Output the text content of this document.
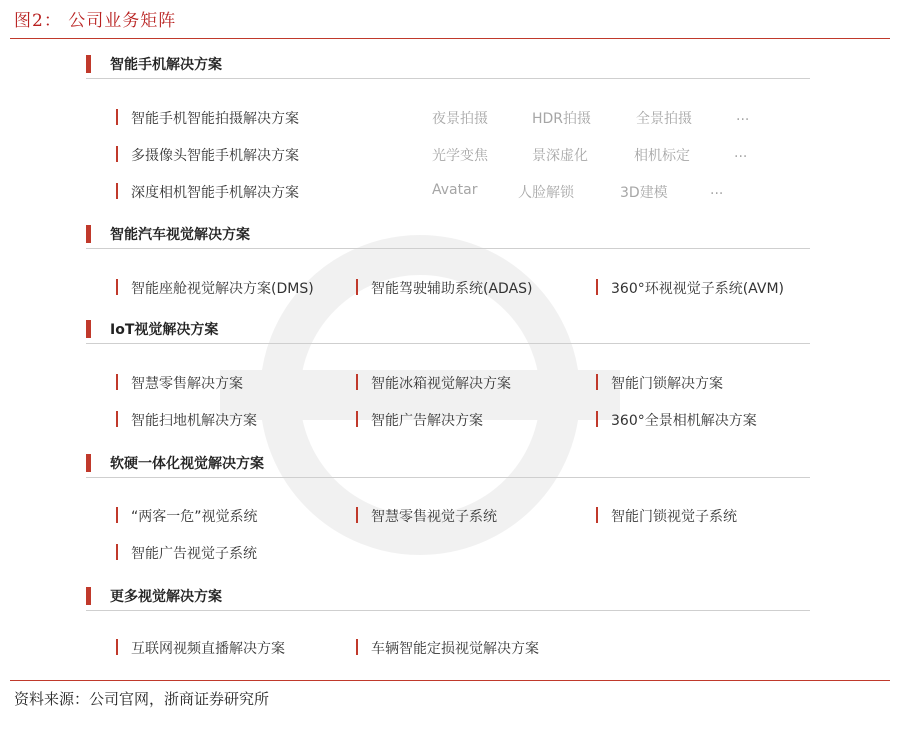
图2： 公司业务矩阵
智能手机解决方案
智能手机智能拍摄解决方案	夜景拍摄	HDR拍摄	全景拍摄	...
多摄像头智能手机解决方案	光学变焦	景深虚化	相机标定	...
深度相机智能手机解决方案	Avatar	人脸解锁	3D建模	...
智能汽车视觉解决方案
智能座舱视觉解决方案(DMS)	智能驾驶辅助系统(ADAS)	360°环视视觉子系统(AVM)
IoT视觉解决方案
智慧零售解决方案	智能冰箱视觉解决方案	智能门锁解决方案
智能扫地机解决方案	智能广告解决方案	360°全景相机解决方案
软硬一体化视觉解决方案
“两客一危”视觉系统	智慧零售视觉子系统	智能门锁视觉子系统
智能广告视觉子系统
更多视觉解决方案
互联网视频直播解决方案	车辆智能定损视觉解决方案
资料来源：公司官网，浙商证券研究所
